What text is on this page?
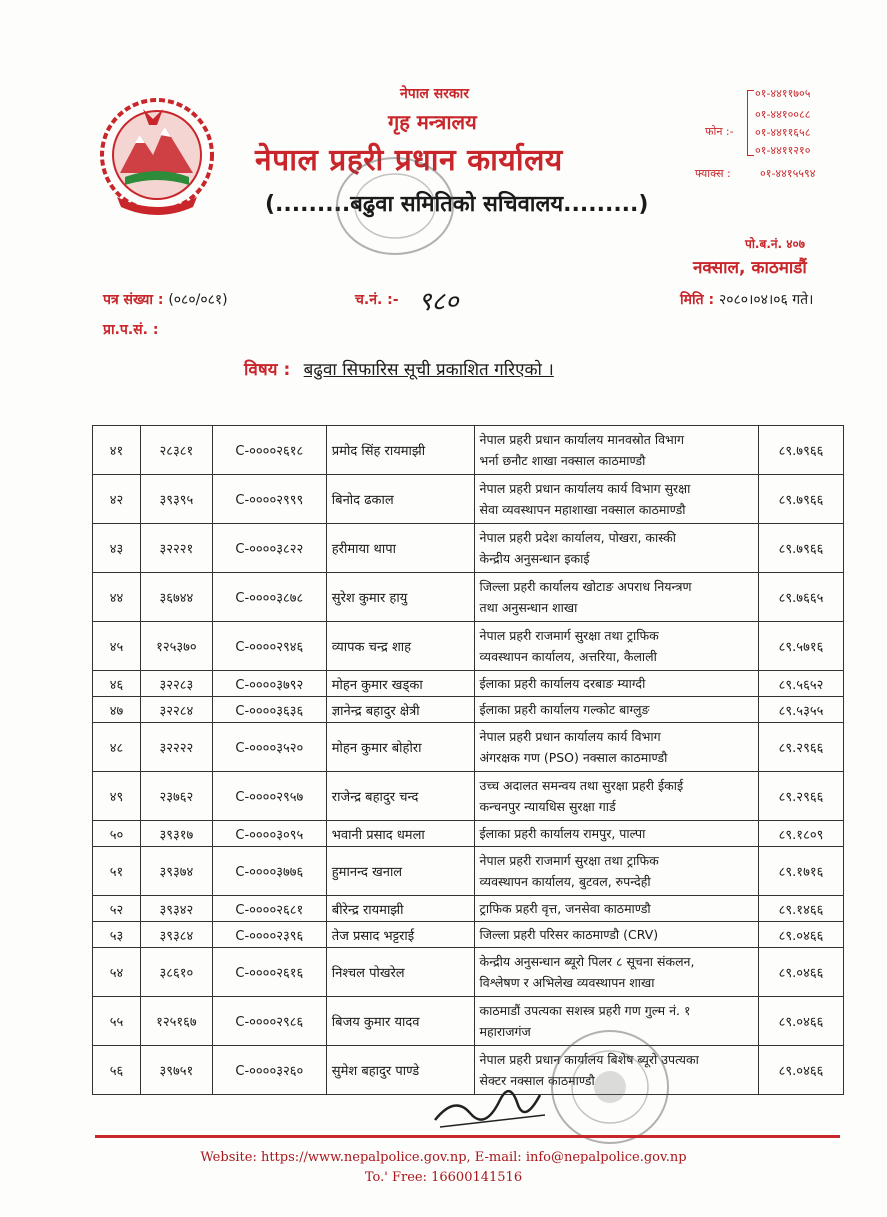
नेपाल सरकार
गृह मन्त्रालय
नेपाल प्रहरी प्रधान कार्यालय
(.........बढुवा समितिको सचिवालय.........)
०१-४४११७०५
०१-४४१००८८
फोन :- ०१-४४११६५८
०१-४४११२१०
फ्याक्स :	०१-४४१५५९४
पो.ब.नं. ४०७
नक्साल, काठमाडौं
पत्र संख्या : (०८०/०८१)	च.नं. :- ९८०	मिति : २०८०।०४।०६ गते।
प्रा.प.सं. :
विषय : बढुवा सिफारिस सूची प्रकाशित गरिएको ।
४१	२८३८१	C-००००२६१८	प्रमोद सिंह रायमाझी	नेपाल प्रहरी प्रधान कार्यालय मानवस्रोत विभाग
भर्ना छनौट शाखा नक्साल काठमाण्डौ	८९.७९६६
४२	३९३९५	C-००००२९९९	बिनोद ढकाल	नेपाल प्रहरी प्रधान कार्यालय कार्य विभाग सुरक्षा
सेवा व्यवस्थापन महाशाखा नक्साल काठमाण्डौ	८९.७९६६
४३	३२२२१	C-००००३८२२	हरीमाया थापा	नेपाल प्रहरी प्रदेश कार्यालय, पोखरा, कास्की
केन्द्रीय अनुसन्धान इकाई	८९.७९६६
४४	३६७४४	C-००००३८७८	सुरेश कुमार हायु	जिल्ला प्रहरी कार्यालय खोटाङ अपराध नियन्त्रण
तथा अनुसन्धान शाखा	८९.७६६५
४५	१२५३७०	C-००००२९४६	व्यापक चन्द्र शाह	नेपाल प्रहरी राजमार्ग सुरक्षा तथा ट्राफिक
व्यवस्थापन कार्यालय, अत्तरिया, कैलाली	८९.५७१६
४६	३२२८३	C-००००३७९२	मोहन कुमार खड्का	ईलाका प्रहरी कार्यालय दरबाङ म्याग्दी	८९.५६५२
४७	३२२८४	C-००००३६३६	ज्ञानेन्द्र बहादुर क्षेत्री	ईलाका प्रहरी कार्यालय गल्कोट बाग्लुङ	८९.५३५५
४८	३२२२२	C-००००३५२०	मोहन कुमार बोहोरा	नेपाल प्रहरी प्रधान कार्यालय कार्य विभाग
अंगरक्षक गण (PSO) नक्साल काठमाण्डौ	८९.२९६६
४९	२३७६२	C-००००२९५७	राजेन्द्र बहादुर चन्द	उच्च अदालत समन्वय तथा सुरक्षा प्रहरी ईकाई
कन्चनपुर न्यायधिस सुरक्षा गार्ड	८९.२९६६
५०	३९३१७	C-००००३०९५	भवानी प्रसाद धमला	ईलाका प्रहरी कार्यालय रामपुर, पाल्पा	८९.१८०९
५१	३९३७४	C-००००३७७६	हुमानन्द खनाल	नेपाल प्रहरी राजमार्ग सुरक्षा तथा ट्राफिक
व्यवस्थापन कार्यालय, बुटवल, रुपन्देही	८९.१७१६
५२	३९३४२	C-००००२६८१	बीरेन्द्र रायमाझी	ट्राफिक प्रहरी वृत्त, जनसेवा काठमाण्डौ	८९.१४६६
५३	३९३८४	C-००००२३९६	तेज प्रसाद भट्टराई	जिल्ला प्रहरी परिसर काठमाण्डौ (CRV)	८९.०४६६
५४	३८६१०	C-००००२६१६	निश्चल पोखरेल	केन्द्रीय अनुसन्धान ब्यूरो पिलर ८ सूचना संकलन,
विश्लेषण र अभिलेख व्यवस्थापन शाखा	८९.०४६६
५५	१२५१६७	C-००००२९८६	बिजय कुमार यादव	काठमाडौं उपत्यका सशस्त्र प्रहरी गण गुल्म नं. १
महाराजगंज	८९.०४६६
५६	३९७५१	C-००००३२६०	सुमेश बहादुर पाण्डे	नेपाल प्रहरी प्रधान कार्यालय बिशेष ब्यूरो उपत्यका
सेक्टर नक्साल काठमाण्डौ	८९.०४६६
Website: https://www.nepalpolice.gov.np, E-mail: info@nepalpolice.gov.np
To.' Free: 16600141516
